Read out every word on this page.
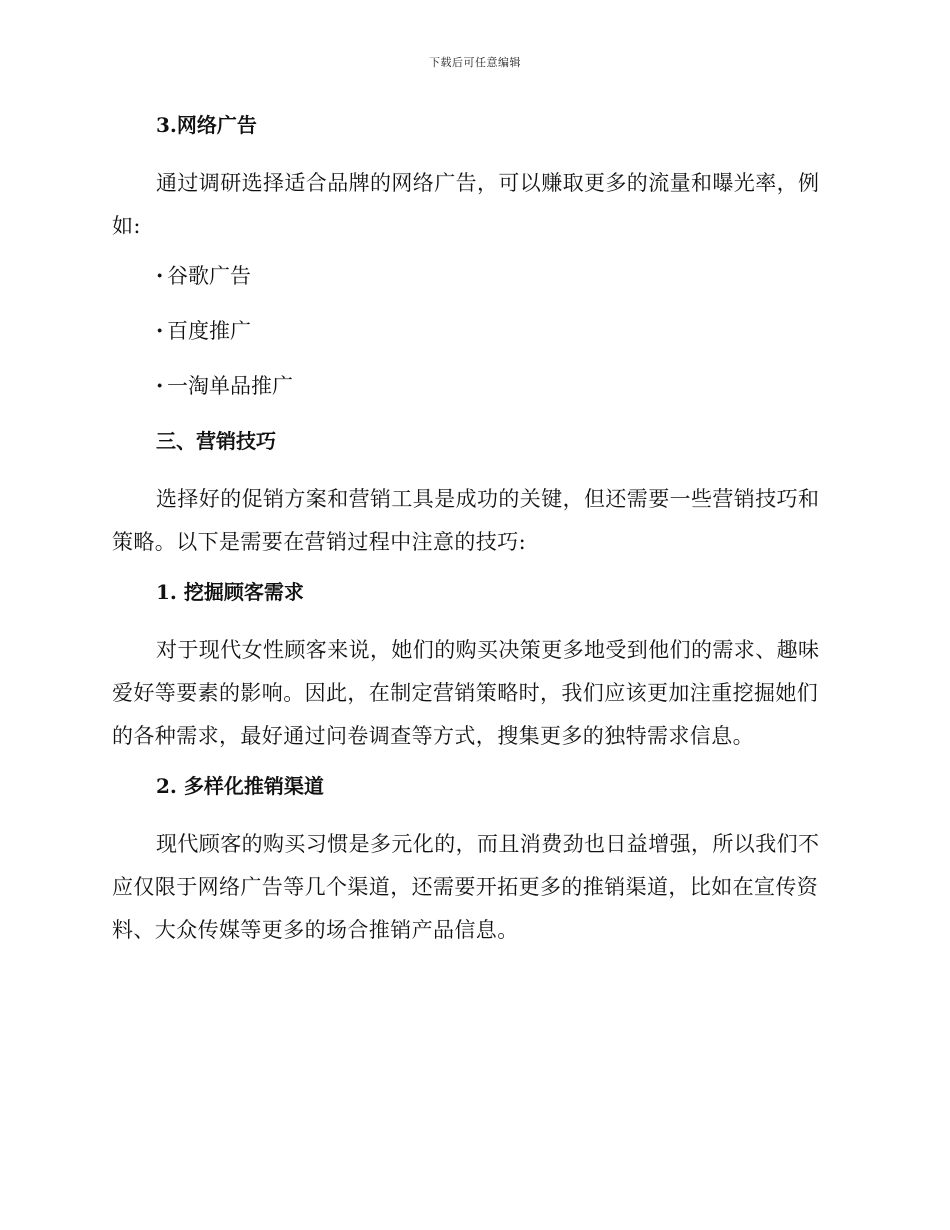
下载后可任意编辑
3.网络广告
通过调研选择适合品牌的网络广告，可以赚取更多的流量和曝光率，例如:
· 谷歌广告
· 百度推广
· 一淘单品推广
三、营销技巧
选择好的促销方案和营销工具是成功的关键，但还需要一些营销技巧和策略。以下是需要在营销过程中注意的技巧:
1. 挖掘顾客需求
对于现代女性顾客来说，她们的购买决策更多地受到他们的需求、趣味爱好等要素的影响。因此，在制定营销策略时，我们应该更加注重挖掘她们的各种需求，最好通过问卷调查等方式，搜集更多的独特需求信息。
2. 多样化推销渠道
现代顾客的购买习惯是多元化的，而且消费劲也日益增强，所以我们不应仅限于网络广告等几个渠道，还需要开拓更多的推销渠道，比如在宣传资料、大众传媒等更多的场合推销产品信息。
